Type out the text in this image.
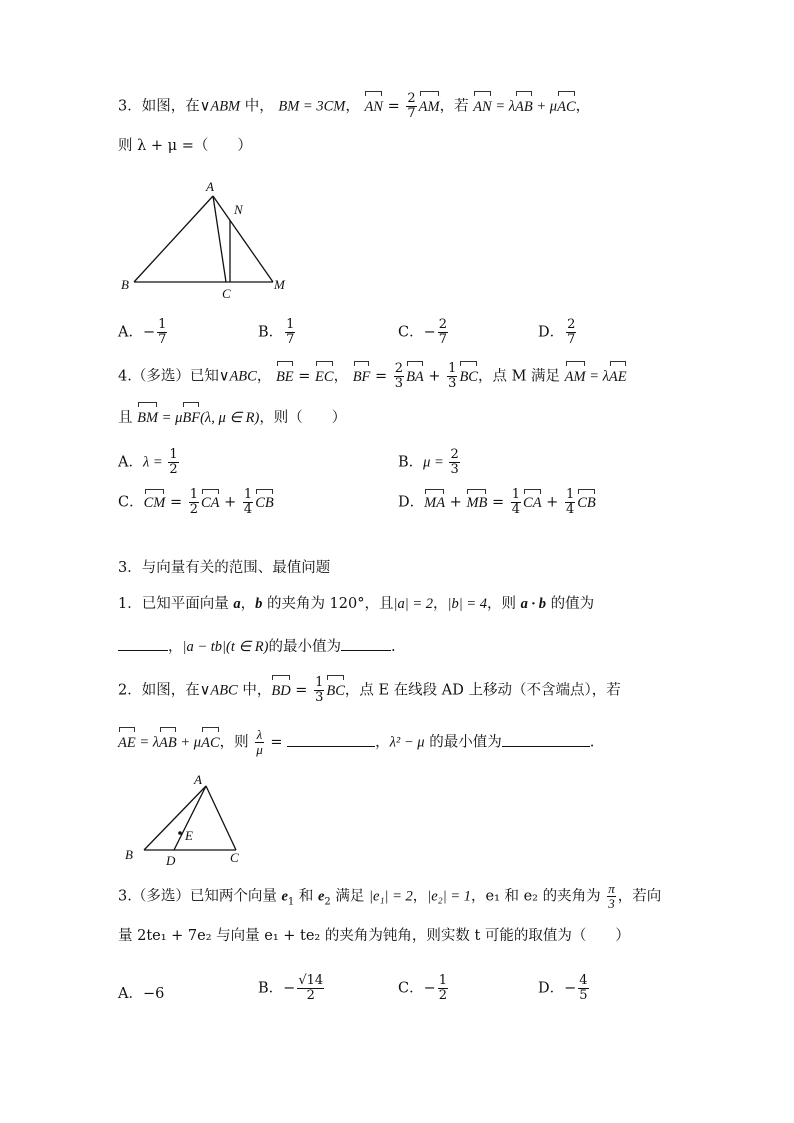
3．如图，在∨ABM 中， BM = 3CM， AN = $\frac{2}{7}$ AM，若 AN = λAB + μAC，
则 λ + μ =（　　）
A
N
B
C
M
A．− $\frac{1}{7}$	B． $\frac{1}{7}$	C．− $\frac{2}{7}$	D． $\frac{2}{7}$
4.（多选）已知∨ABC， BE = EC， BF = $\frac{2}{3}$ BA + $\frac{1}{3}$ BC，点 M 满足 AM = λAE
且 BM = μBF(λ, μ ∈ R)，则（　　）
A．$\lambda = \frac{1}{2}$	B．$\mu = \frac{2}{3}$
C．CM = $\frac{1}{2}$ CA + $\frac{1}{4}$ CB	D．MA + MB = $\frac{1}{4}$ CA + $\frac{1}{4}$ CB
3．与向量有关的范围、最值问题
1．已知平面向量 a，b 的夹角为 120°，且|a| = 2，|b| = 4，则 a · b 的值为
，|a − tb|(t ∈ R)的最小值为	.
2．如图，在∨ABC 中，BD = $\frac{1}{3}$ BC，点 E 在线段 AD 上移动（不含端点），若
AE = λAB + μAC，则 $\frac{\lambda}{\mu}$ =	，λ² − μ 的最小值为	.
A
E
B	D	C
3.（多选）已知两个向量 $e_1$ 和 $e_2$ 满足 |e₁| = 2，|e₂| = 1，e₁ 和 e₂ 的夹角为 $\frac{\pi}{3}$ ，若向
量 2te₁ + 7e₂ 与向量 e₁ + te₂ 的夹角为钝角，则实数 t 可能的取值为（　　）
A．−6	B．− $\frac{√14}{2}$	C．− $\frac{1}{2}$	D．− $\frac{4}{5}$
